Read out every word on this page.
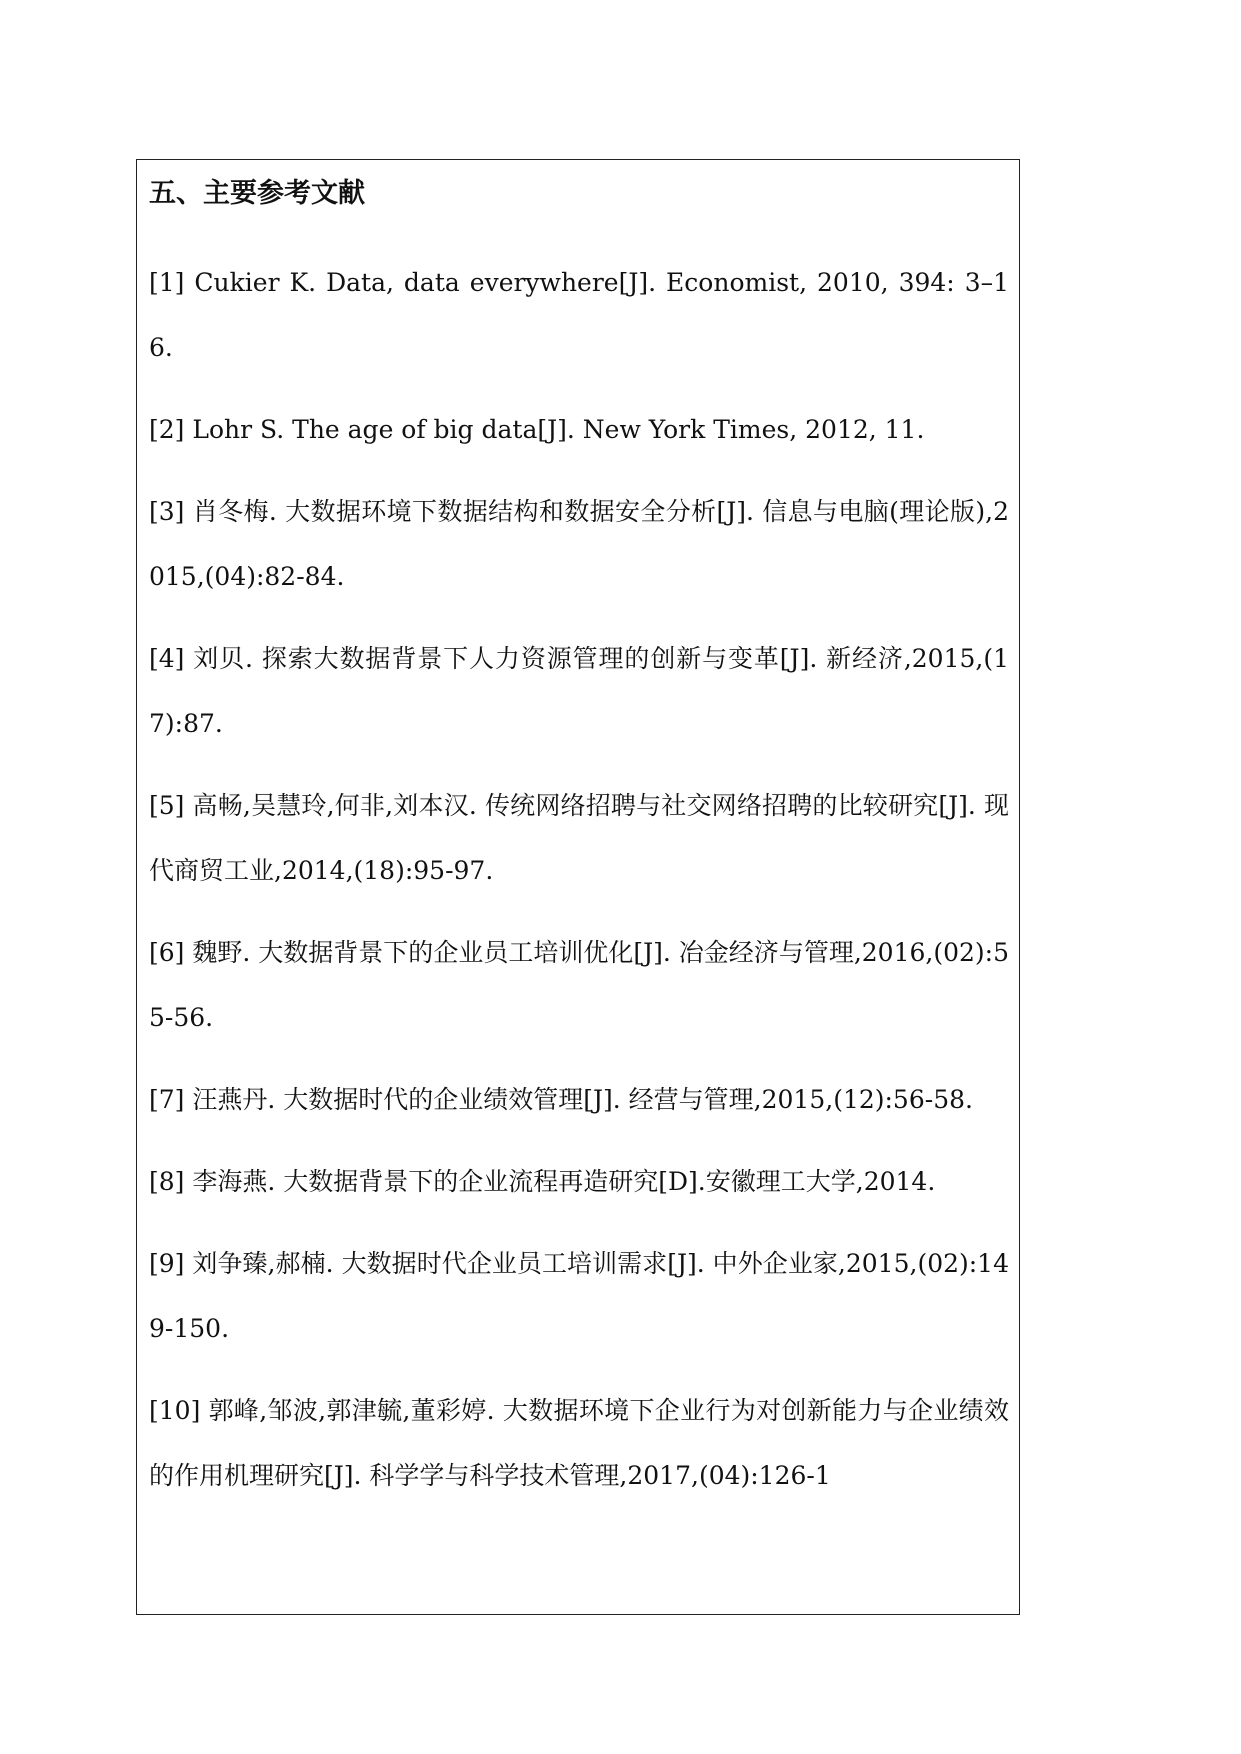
五、主要参考文献
[1] Cukier K. Data, data everywhere[J]. Economist, 2010, 394: 3–16.
[2] Lohr S. The age of big data[J]. New York Times, 2012, 11.
[3] 肖冬梅. 大数据环境下数据结构和数据安全分析[J]. 信息与电脑(理论版),2015,(04):82-84.
[4] 刘贝. 探索大数据背景下人力资源管理的创新与变革[J]. 新经济,2015,(17):87.
[5] 高畅,吴慧玲,何非,刘本汉. 传统网络招聘与社交网络招聘的比较研究[J]. 现代商贸工业,2014,(18):95-97.
[6] 魏野. 大数据背景下的企业员工培训优化[J]. 冶金经济与管理,2016,(02):55-56.
[7] 汪燕丹. 大数据时代的企业绩效管理[J]. 经营与管理,2015,(12):56-58.
[8] 李海燕. 大数据背景下的企业流程再造研究[D].安徽理工大学,2014.
[9] 刘争臻,郝楠. 大数据时代企业员工培训需求[J]. 中外企业家,2015,(02):149-150.
[10] 郭峰,邹波,郭津毓,董彩婷. 大数据环境下企业行为对创新能力与企业绩效的作用机理研究[J]. 科学学与科学技术管理,2017,(04):126-1
